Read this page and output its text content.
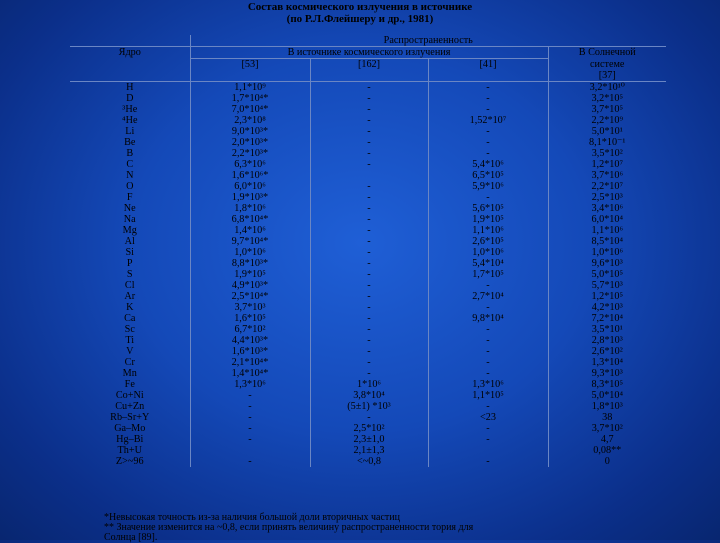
Состав космического излучения в источнике
(по Р.Л.Флейшеру и др., 1981)
	Распространенность			
Ядро	В источнике космического излучения			В Солнечной
	[53]	[162]	[41]	системе
				[37]
H	1,1*10⁹	-	-	3,2*10¹⁰
D	1,7*10⁴*	-	-	3,2*10⁵
³He	7,0*10⁴*	-	-	3,7*10⁵
⁴He	2,3*10⁸	-	1,52*10⁷	2,2*10⁹
Li	9,0*10³*	-	-	5,0*10¹
Be	2,0*10³*	-	-	8,1*10⁻¹
B	2,2*10³*	-	-	3,5*10²
C	6,3*10⁶	-	5,4*10⁶	1,2*10⁷
N	1,6*10⁶*		6,5*10⁵	3,7*10⁶
O	6,0*10⁶	-	5,9*10⁶	2,2*10⁷
F	1,9*10³*	-	-	2,5*10³
Ne	1,8*10⁶	-	5,6*10⁵	3,4*10⁶
Na	6,8*10⁴*	-	1,9*10⁵	6,0*10⁴
Mg	1,4*10⁶	-	1,1*10⁶	1,1*10⁶
Al	9,7*10⁴*	-	2,6*10⁵	8,5*10⁴
Si	1,0*10⁶	-	1,0*10⁶	1,0*10⁶
P	8,8*10³*	-	5,4*10⁴	9,6*10³
S	1,9*10⁵	-	1,7*10⁵	5,0*10⁵
Cl	4,9*10³*	-	-	5,7*10³
Ar	2,5*10⁴*	-	2,7*10⁴	1,2*10⁵
K	3,7*10³	-	-	4,2*10³
Ca	1,6*10⁵	-	9,8*10⁴	7,2*10⁴
Sc	6,7*10²	-	-	3,5*10¹
Ti	4,4*10³*	-	-	2,8*10³
V	1,6*10³*	-	-	2,6*10²
Cr	2,1*10⁴*	-	-	1,3*10⁴
Mn	1,4*10⁴*	-	-	9,3*10³
Fe	1,3*10⁶	1*10⁶	1,3*10⁶	8,3*10⁵
Co+Ni	-	3,8*10⁴	1,1*10⁵	5,0*10⁴
Cu+Zn	-	(5±1) *10³	-	1,8*10³
Rb–Sr+Y	-	-	<23	38
Ga–Mo	-	2,5*10²	-	3,7*10²
Hg–Bi	-	2,3±1,0	-	4,7
Th+U		2,1±1,3		0,08**
Z>~96	-	<~0,8	-	0
*Невысокая точность из-за наличия большой доли вторичных частиц
** Значение изменится на ~0,8, если принять величину распространенности тория для
Солнца [89].
